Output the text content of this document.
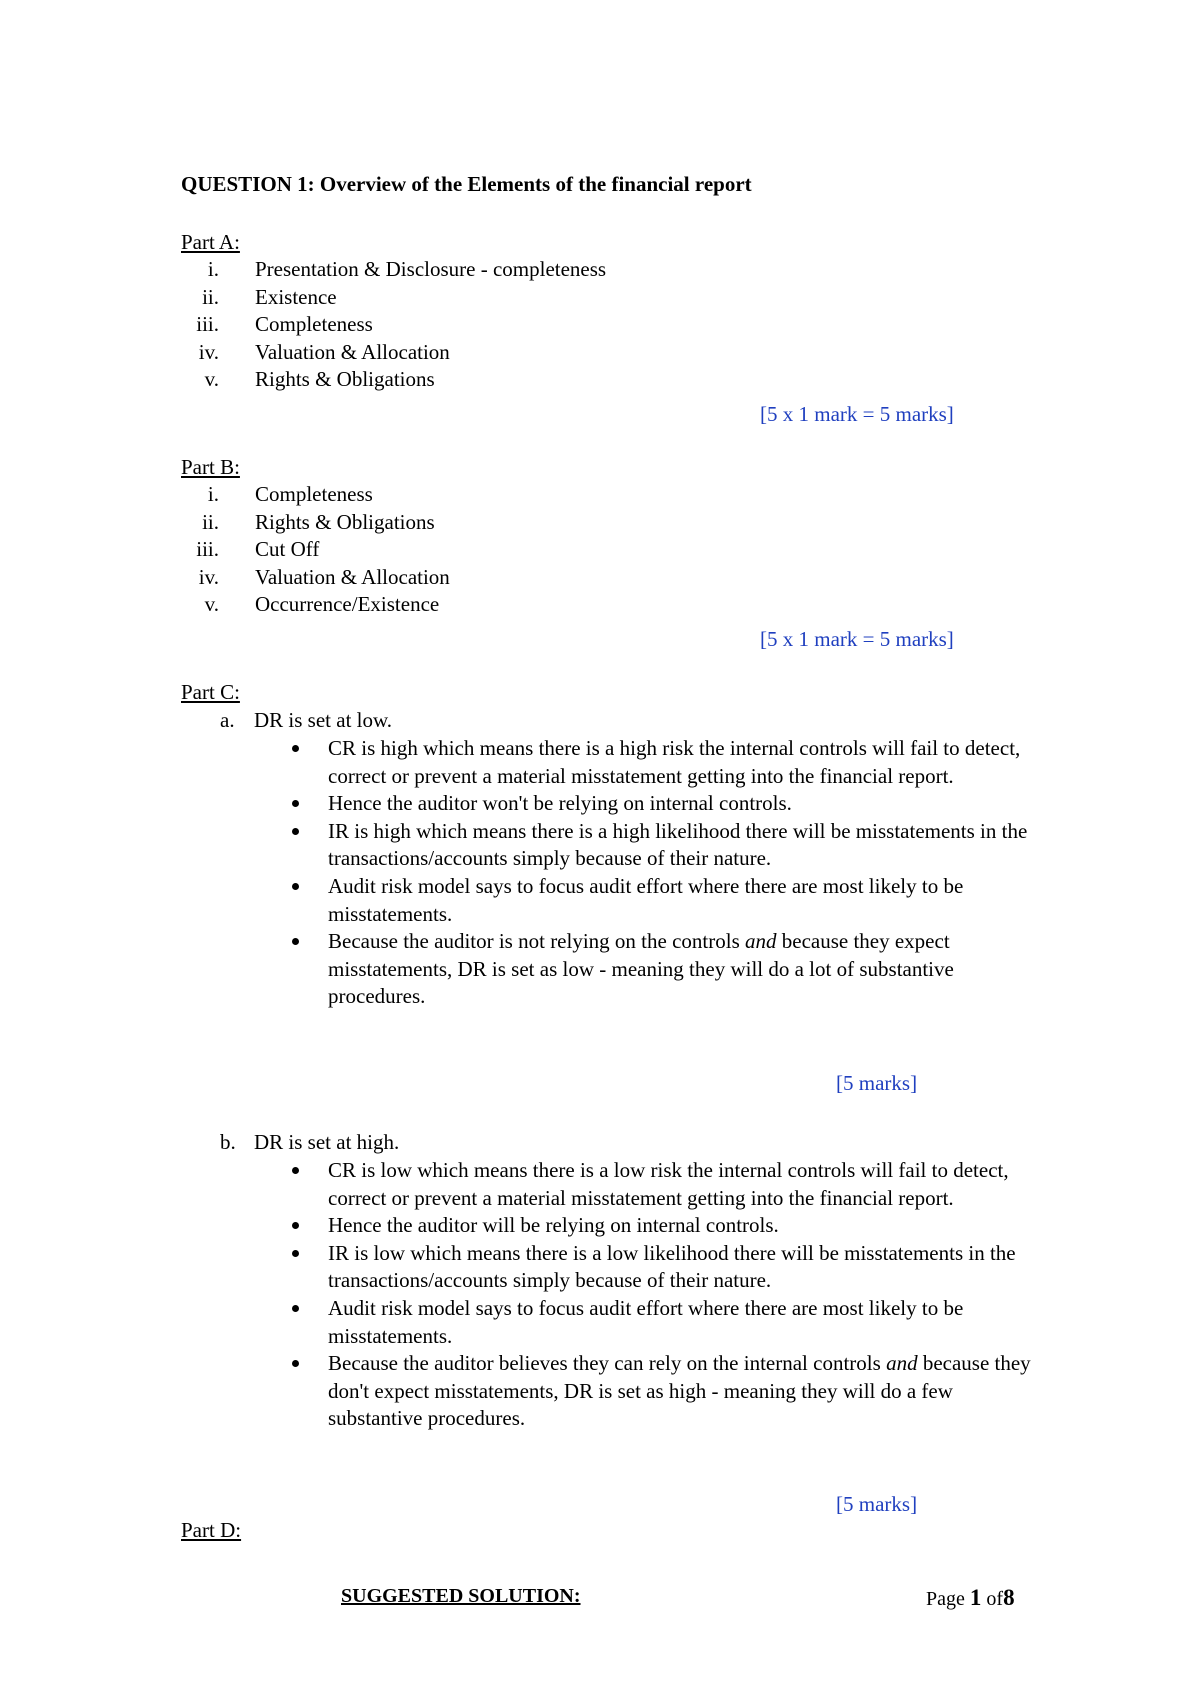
QUESTION 1: Overview of the Elements of the financial report
Part A:
i. Presentation & Disclosure - completeness
ii. Existence
iii. Completeness
iv. Valuation & Allocation
v. Rights & Obligations
[5 x 1 mark = 5 marks]
Part B:
i. Completeness
ii. Rights & Obligations
iii. Cut Off
iv. Valuation & Allocation
v. Occurrence/Existence
[5 x 1 mark = 5 marks]
Part C:
a. DR is set at low.
CR is high which means there is a high risk the internal controls will fail to detect, correct or prevent a material misstatement getting into the financial report.
Hence the auditor won't be relying on internal controls.
IR is high which means there is a high likelihood there will be misstatements in the transactions/accounts simply because of their nature.
Audit risk model says to focus audit effort where there are most likely to be misstatements.
Because the auditor is not relying on the controls and because they expect misstatements, DR is set as low - meaning they will do a lot of substantive procedures.
[5 marks]
b. DR is set at high.
CR is low which means there is a low risk the internal controls will fail to detect, correct or prevent a material misstatement getting into the financial report.
Hence the auditor will be relying on internal controls.
IR is low which means there is a low likelihood there will be misstatements in the transactions/accounts simply because of their nature.
Audit risk model says to focus audit effort where there are most likely to be misstatements.
Because the auditor believes they can rely on the internal controls and because they don't expect misstatements, DR is set as high - meaning they will do a few substantive procedures.
[5 marks]
Part D:
SUGGESTED SOLUTION:	Page 1 of8
